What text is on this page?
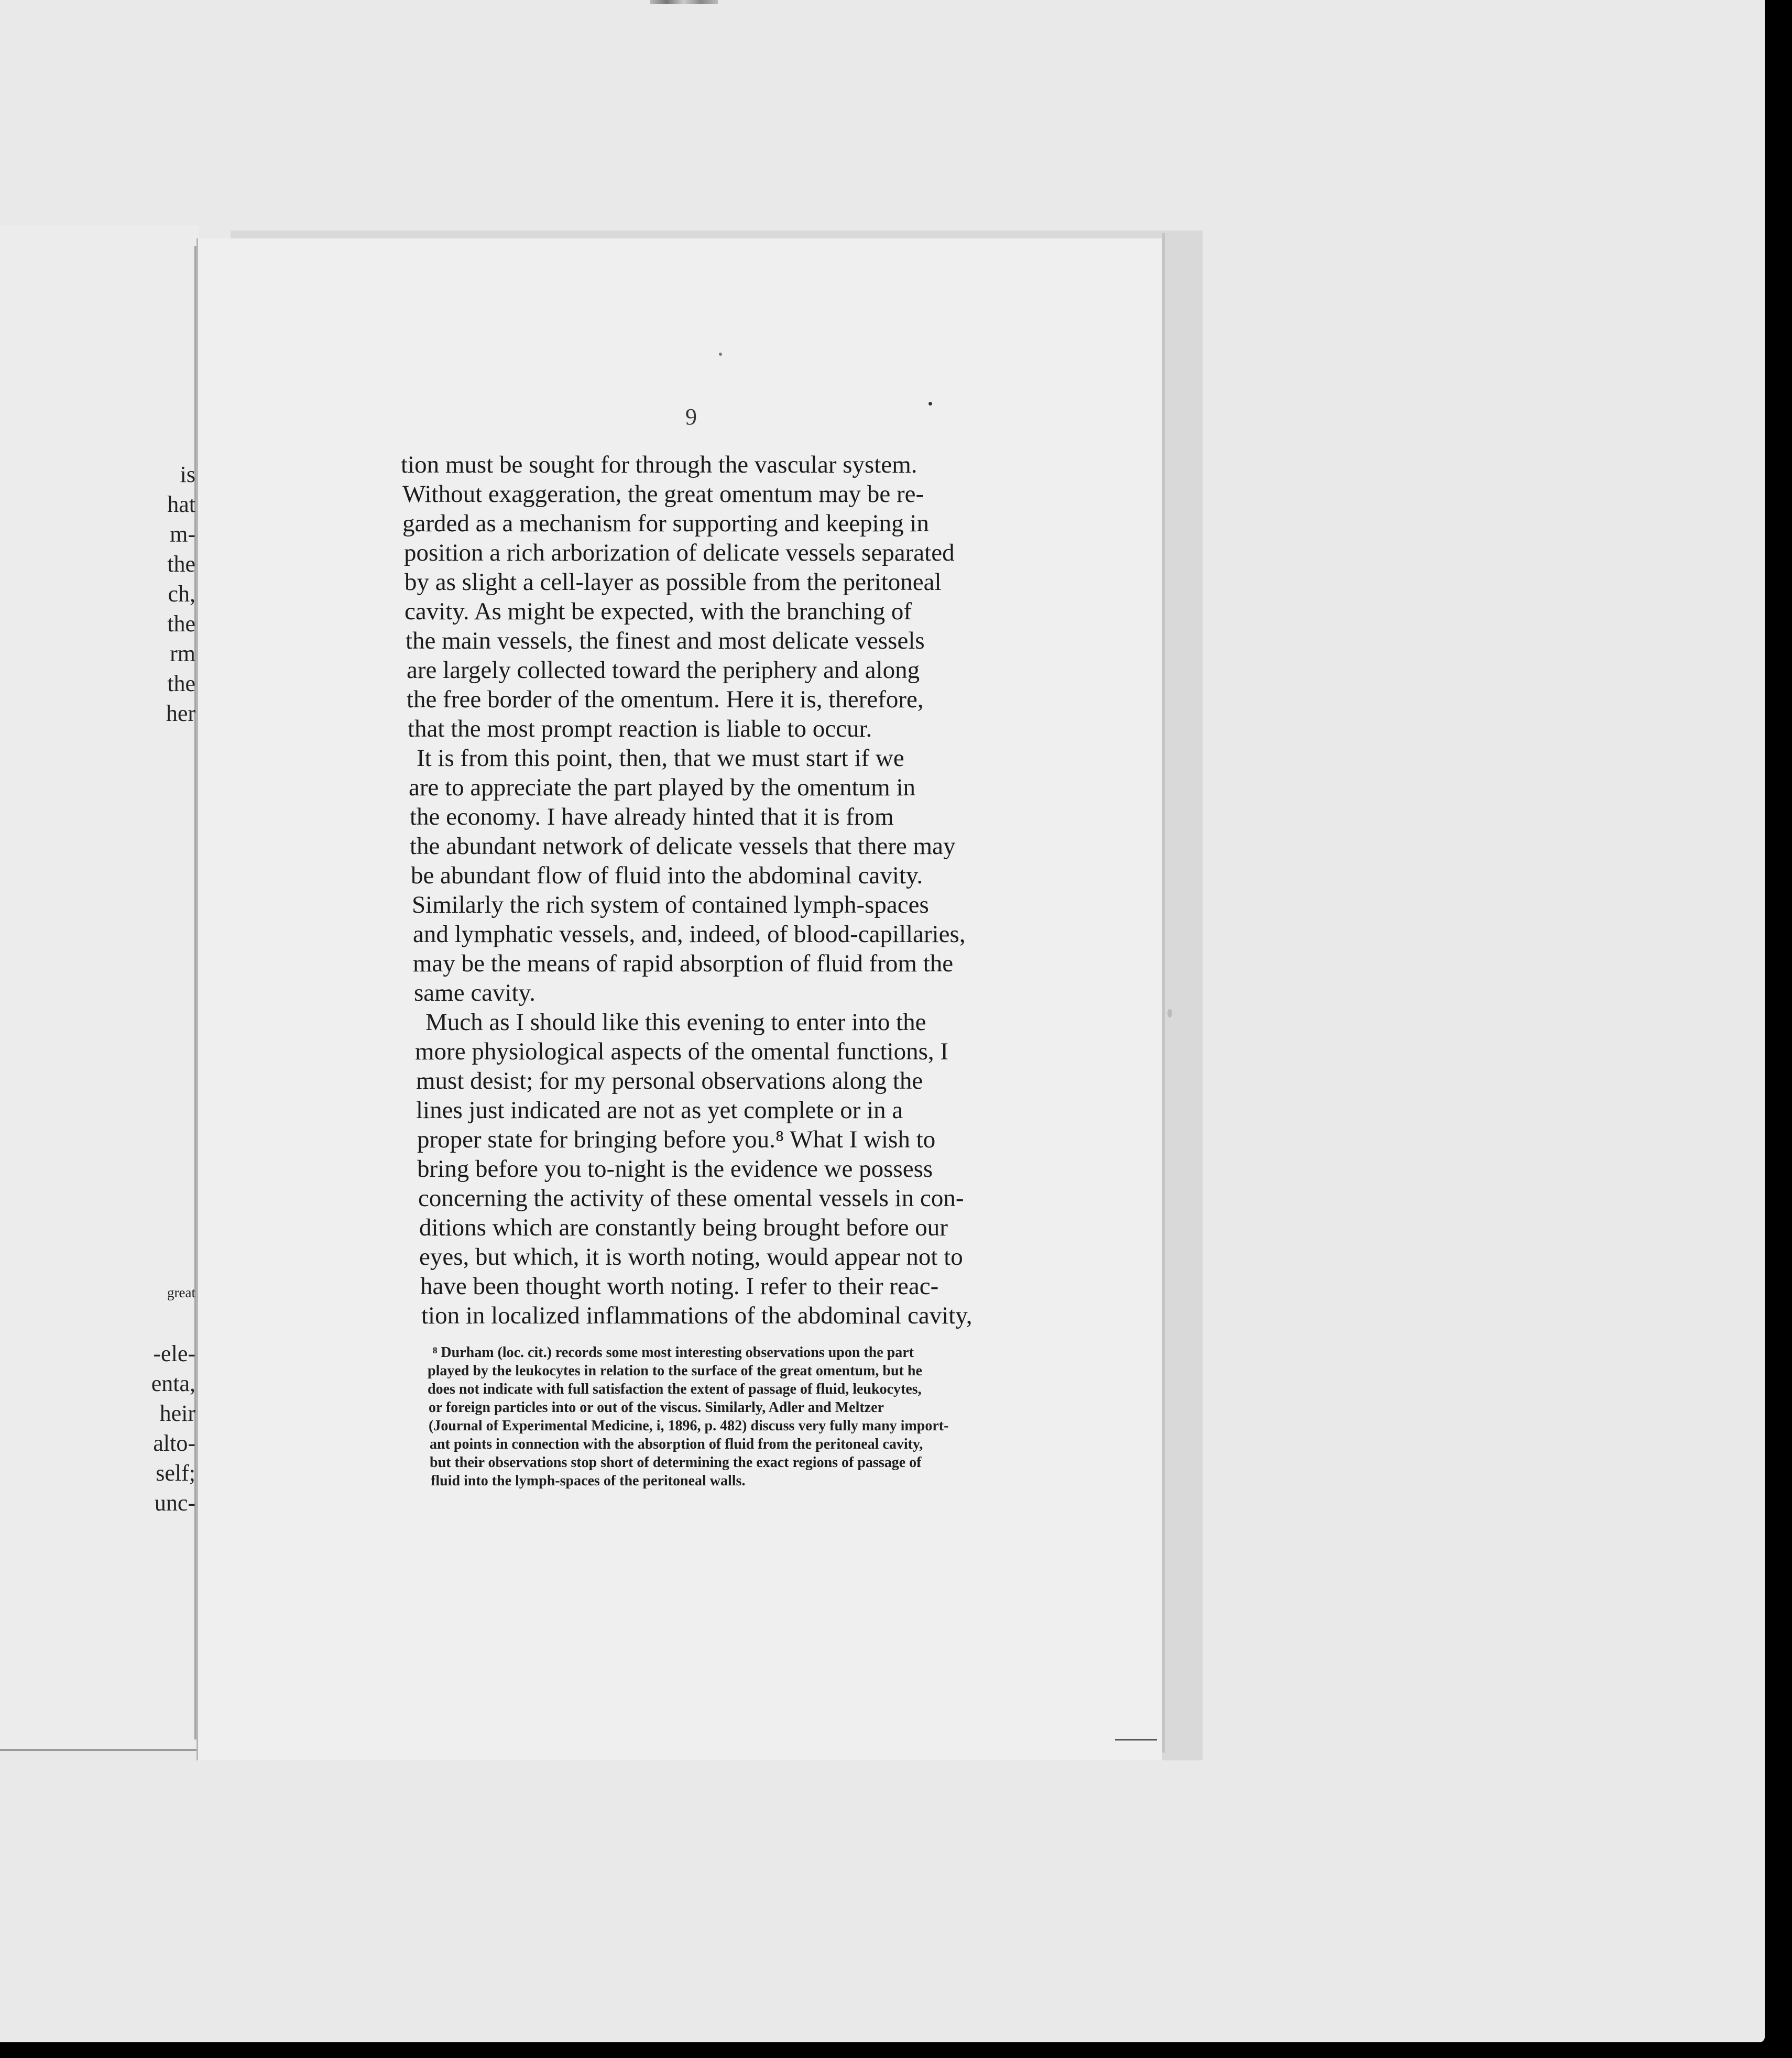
is
hat
m-
the
ch,
the
rm
the
her
great
-ele-
enta,
heir
alto-
self;
unc-
9
tion must be sought for through the vascular system.
Without exaggeration, the great omentum may be re-
garded as a mechanism for supporting and keeping in
position a rich arborization of delicate vessels separated
by as slight a cell-layer as possible from the peritoneal
cavity. As might be expected, with the branching of
the main vessels, the finest and most delicate vessels
are largely collected toward the periphery and along
the free border of the omentum. Here it is, therefore,
that the most prompt reaction is liable to occur.
It is from this point, then, that we must start if we
are to appreciate the part played by the omentum in
the economy. I have already hinted that it is from
the abundant network of delicate vessels that there may
be abundant flow of fluid into the abdominal cavity.
Similarly the rich system of contained lymph-spaces
and lymphatic vessels, and, indeed, of blood-capillaries,
may be the means of rapid absorption of fluid from the
same cavity.
Much as I should like this evening to enter into the
more physiological aspects of the omental functions, I
must desist; for my personal observations along the
lines just indicated are not as yet complete or in a
proper state for bringing before you.⁸ What I wish to
bring before you to-night is the evidence we possess
concerning the activity of these omental vessels in con-
ditions which are constantly being brought before our
eyes, but which, it is worth noting, would appear not to
have been thought worth noting. I refer to their reac-
tion in localized inflammations of the abdominal cavity,
⁸ Durham (loc. cit.) records some most interesting observations upon the part
played by the leukocytes in relation to the surface of the great omentum, but he
does not indicate with full satisfaction the extent of passage of fluid, leukocytes,
or foreign particles into or out of the viscus. Similarly, Adler and Meltzer
(Journal of Experimental Medicine, i, 1896, p. 482) discuss very fully many import-
ant points in connection with the absorption of fluid from the peritoneal cavity,
but their observations stop short of determining the exact regions of passage of
fluid into the lymph-spaces of the peritoneal walls.
